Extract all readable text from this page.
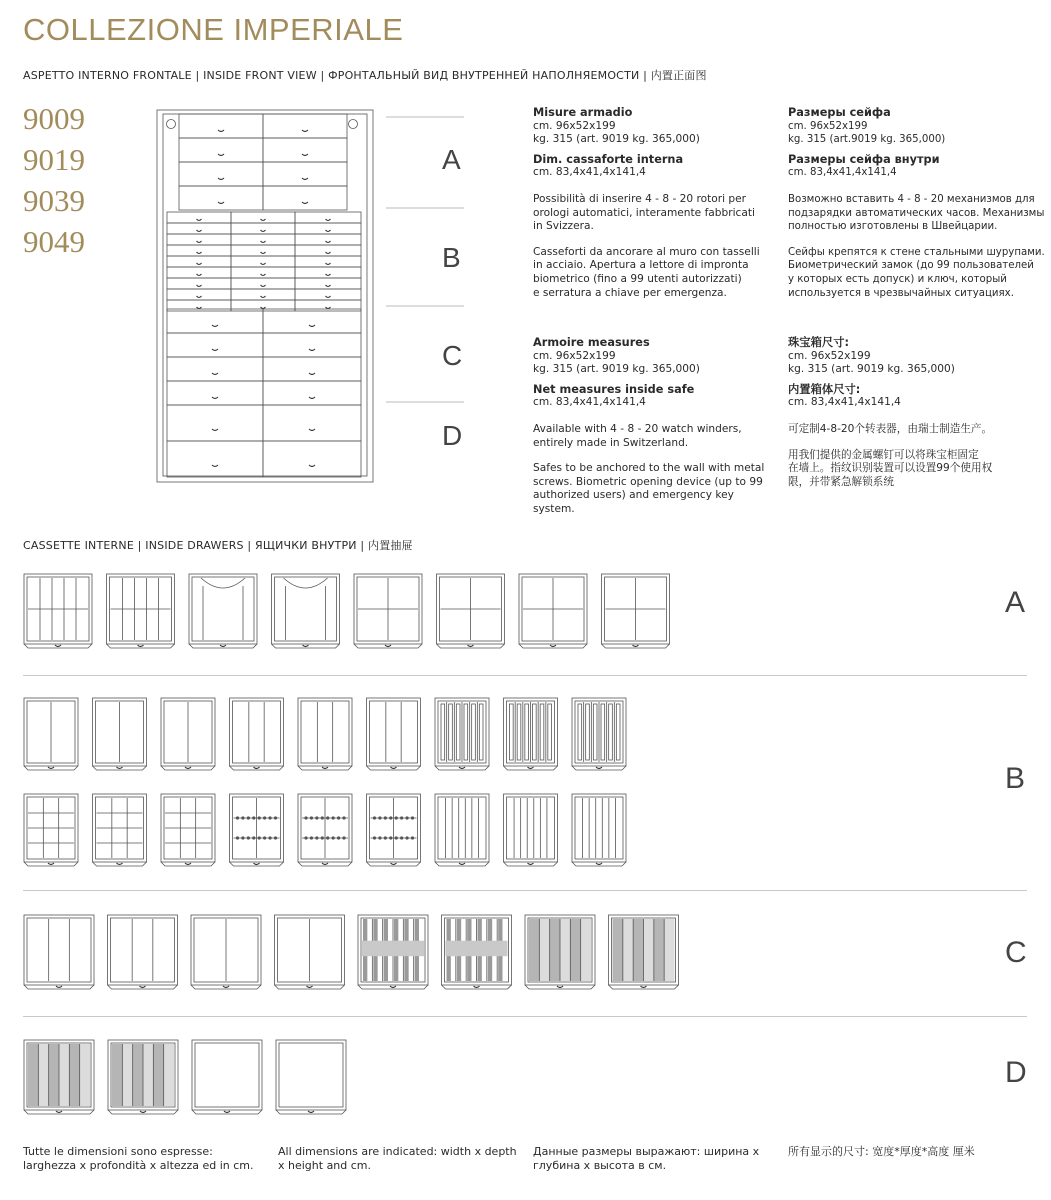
COLLEZIONE IMPERIALE
ASPETTO INTERNO FRONTALE | INSIDE FRONT VIEW | ФРОНТАЛЬНЫЙ ВИД ВНУТРЕННЕЙ НАПОЛНЯЕМОСТИ | 内置正面图
9009
9019
9039
9049
A
B
C
D
Misure armadio
cm. 96x52x199
kg. 315 (art. 9019 kg. 365,000)
Dim. cassaforte interna
cm. 83,4x41,4x141,4
Possibilità di inserire 4 - 8 - 20 rotori per
orologi automatici, interamente fabbricati
in Svizzera.
Casseforti da ancorare al muro con tasselli
in acciaio. Apertura a lettore di impronta
biometrico (fino a 99 utenti autorizzati)
e serratura a chiave per emergenza.
Размеры сейфа
cm. 96x52x199
kg. 315 (art.9019 kg. 365,000)
Размеры сейфа внутри
cm. 83,4x41,4x141,4
Возможно вставить 4 - 8 - 20 механизмов для
подзарядки автоматических часов. Механизмы
полностью изготовлены в Швейцарии.
Сейфы крепятся к стене стальными шурупами.
Биометрический замок (до 99 пользователей
у которых есть допуск) и ключ, который
используется в чрезвычайных ситуациях.
Armoire measures
cm. 96x52x199
kg. 315 (art. 9019 kg. 365,000)
Net measures inside safe
cm. 83,4x41,4x141,4
Available with 4 - 8 - 20 watch winders,
entirely made in Switzerland.
Safes to be anchored to the wall with metal
screws. Biometric opening device (up to 99
authorized users) and emergency key system.
珠宝箱尺寸:
cm. 96x52x199
kg. 315 (art. 9019 kg. 365,000)
内置箱体尺寸:
cm. 83,4x41,4x141,4
可定制4-8-20个转表器，由瑞士制造生产。
用我们提供的金属螺钉可以将珠宝柜固定
在墙上。指纹识别装置可以设置99个使用权
限，并带紧急解锁系统
CASSETTE INTERNE | INSIDE DRAWERS | ЯЩИЧКИ ВНУТРИ | 内置抽屉
A
B
C
D
Tutte le dimensioni sono espresse:
larghezza x profondità x altezza ed in cm.
All dimensions are indicated: width x depth
x height and cm.
Данные размеры выражают: ширина x
глубина x высота в см.
所有显示的尺寸: 宽度*厚度*高度 厘米
